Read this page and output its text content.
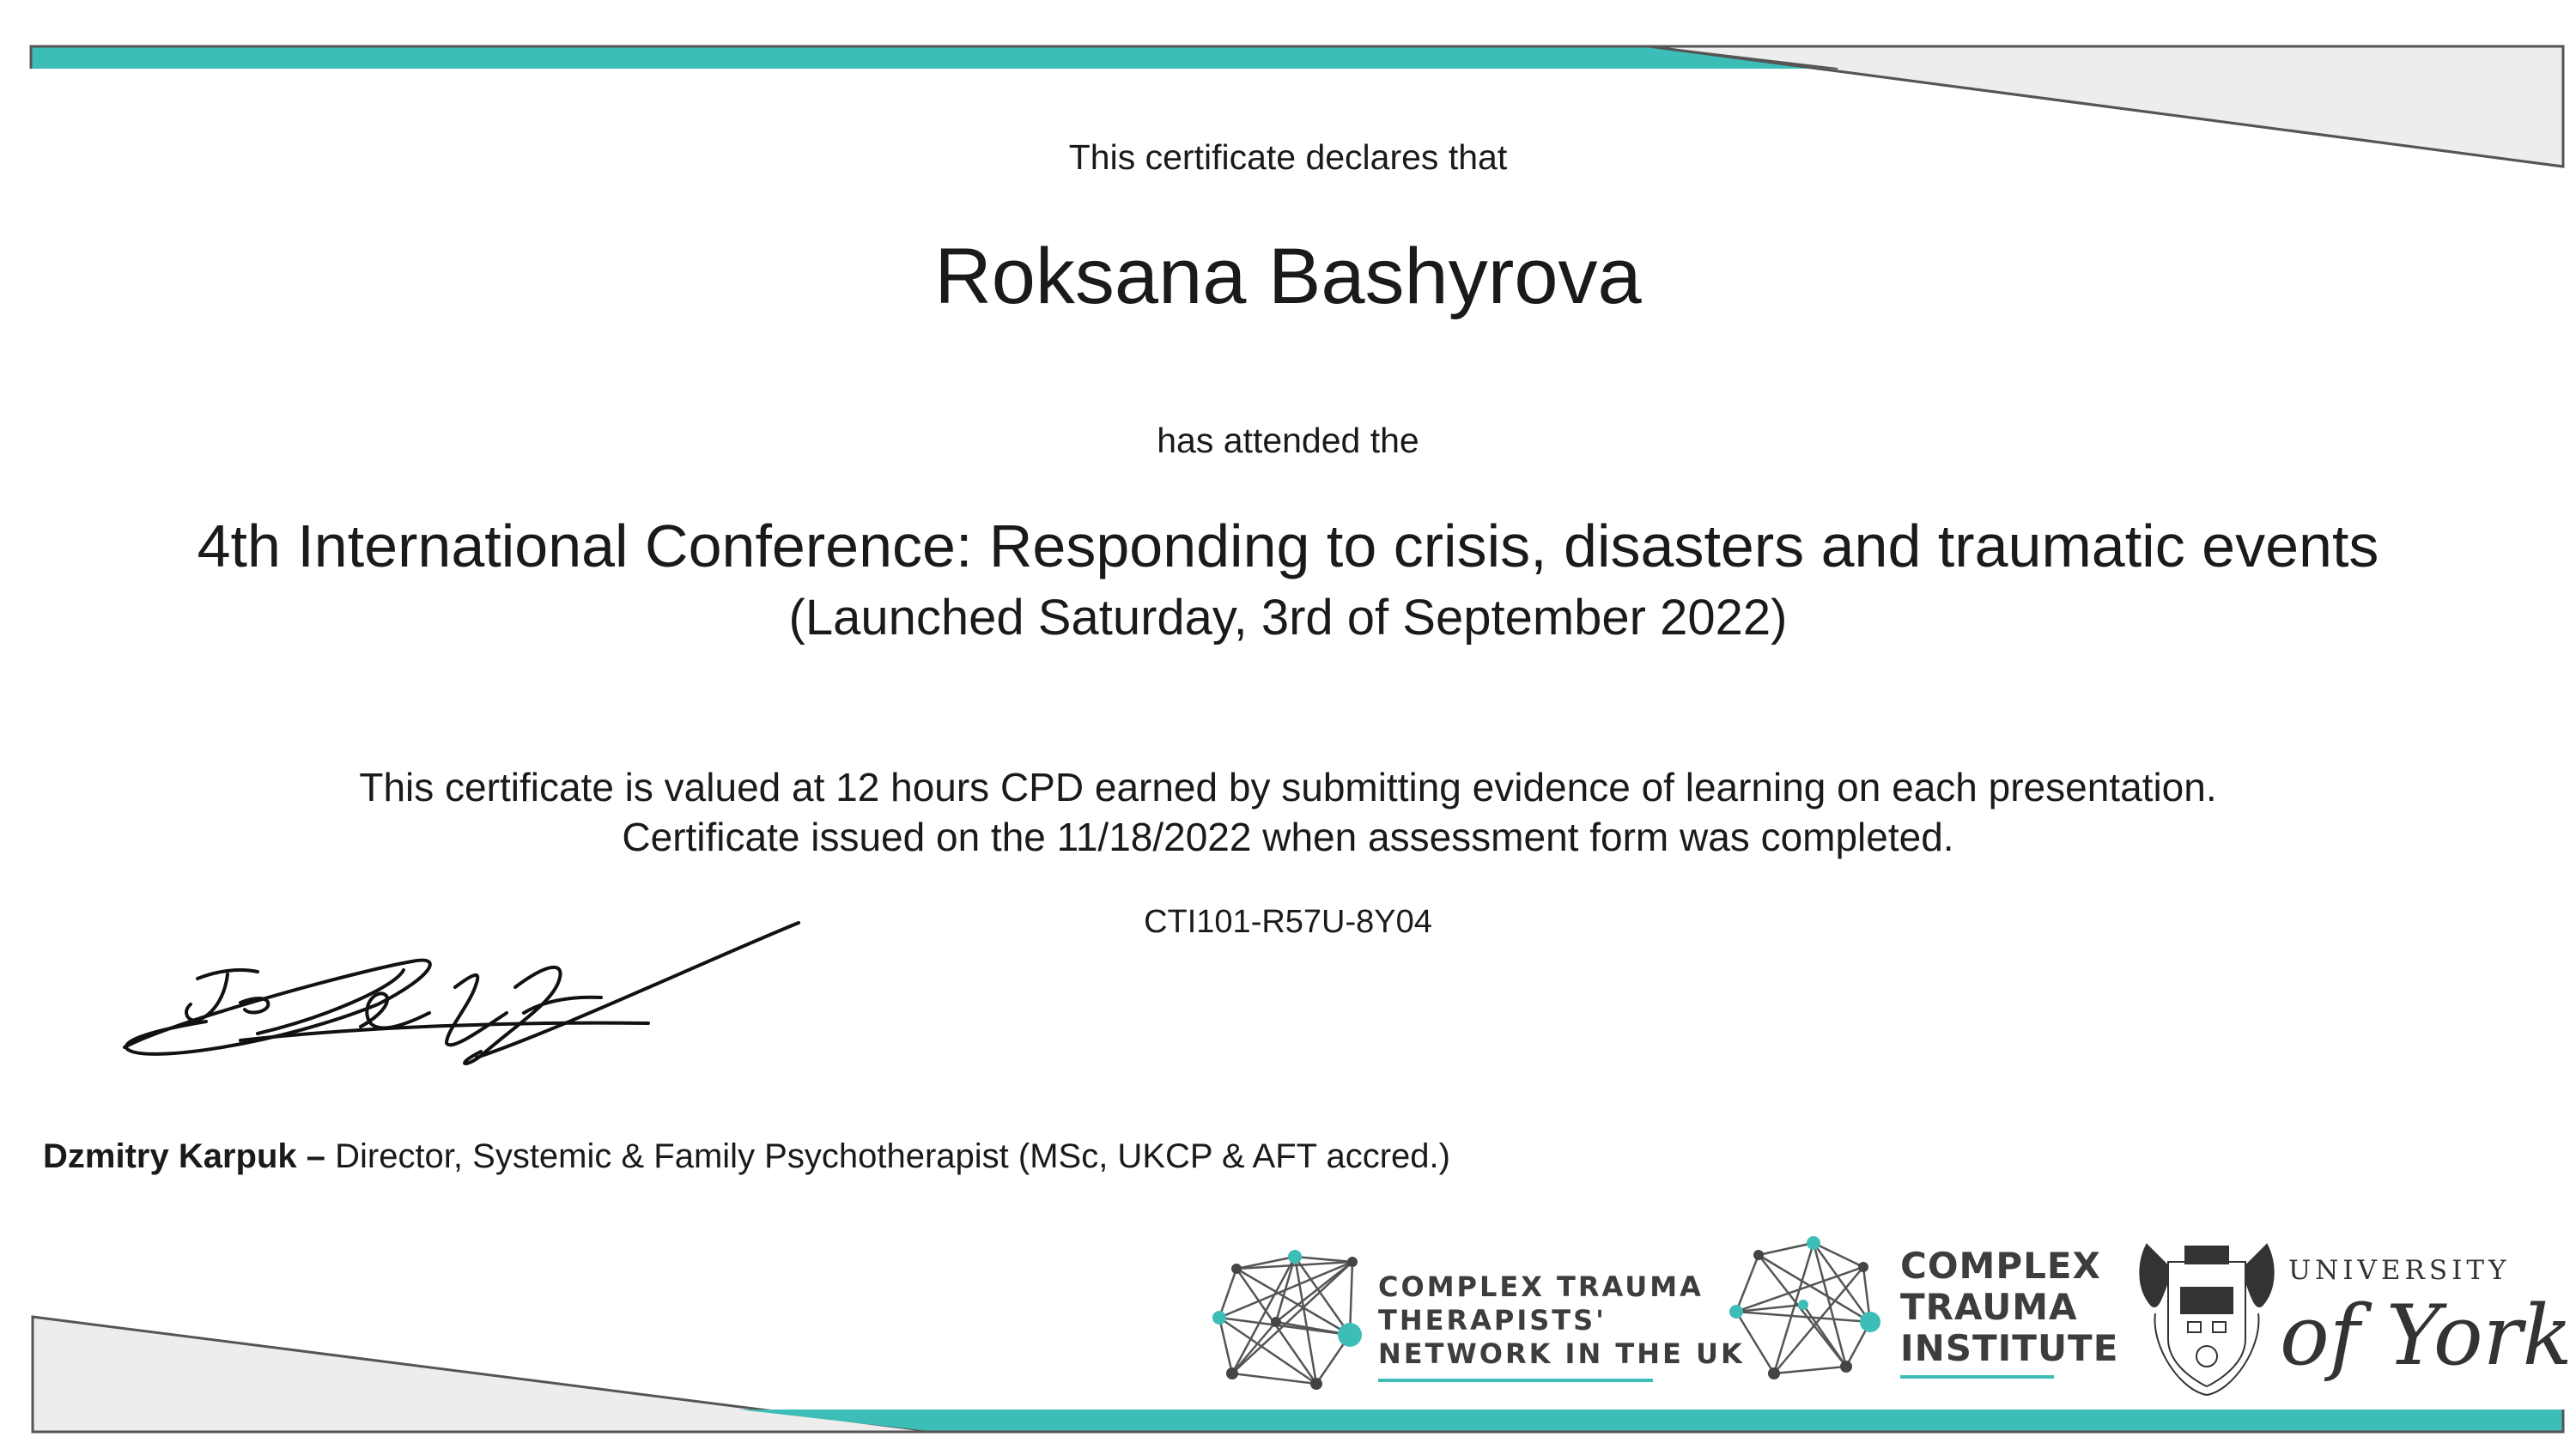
This certificate declares that
Roksana Bashyrova
has attended the
4th International Conference: Responding to crisis, disasters and traumatic events
(Launched Saturday, 3rd of September 2022)
This certificate is valued at 12 hours CPD earned by submitting evidence of learning on each presentation.
Certificate issued on the 11/18/2022 when assessment form was completed.
CTI101-R57U-8Y04
Dzmitry Karpuk – Director, Systemic & Family Psychotherapist (MSc, UKCP & AFT accred.)
COMPLEX TRAUMA
THERAPISTS'
NETWORK IN THE UK
COMPLEX
TRAUMA
INSTITUTE
UNIVERSITY
of York
